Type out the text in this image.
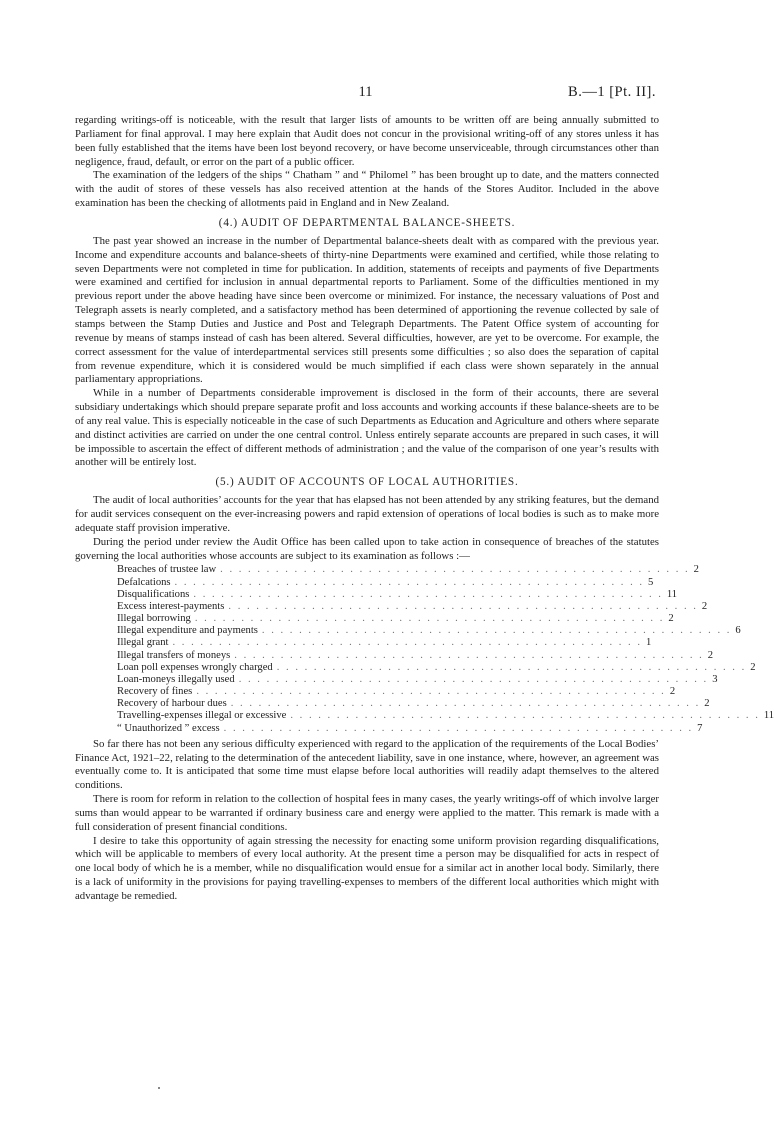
11	B.—1 [Pt. II].

regarding writings-off is noticeable, with the result that larger lists of amounts to be written off are being annually submitted to Parliament for final approval. I may here explain that Audit does not concur in the provisional writing-off of any stores unless it has been fully established that the items have been lost beyond recovery, or have become unserviceable, through circumstances other than negligence, fraud, default, or error on the part of a public officer.

The examination of the ledgers of the ships “ Chatham ” and “ Philomel ” has been brought up to date, and the matters connected with the audit of stores of these vessels has also received attention at the hands of the Stores Auditor. Included in the above examination has been the checking of allotments paid in England and in New Zealand.

(4.) AUDIT OF DEPARTMENTAL BALANCE-SHEETS.

The past year showed an increase in the number of Departmental balance-sheets dealt with as compared with the previous year. Income and expenditure accounts and balance-sheets of thirty-nine Departments were examined and certified, while those relating to seven Departments were not completed in time for publication. In addition, statements of receipts and payments of five Departments were examined and certified for inclusion in annual departmental reports to Parliament. Some of the difficulties mentioned in my previous report under the above heading have since been overcome or minimized. For instance, the necessary valuations of Post and Telegraph assets is nearly completed, and a satisfactory method has been determined of apportioning the revenue collected by sale of stamps between the Stamp Duties and Justice and Post and Telegraph Departments. The Patent Office system of accounting for revenue by means of stamps instead of cash has been altered. Several difficulties, however, are yet to be overcome. For example, the correct assessment for the value of interdepartmental services still presents some difficulties ; so also does the separation of capital from revenue expenditure, which it is considered would be much simplified if each class were shown separately in the annual parliamentary appropriations.

While in a number of Departments considerable improvement is disclosed in the form of their accounts, there are several subsidiary undertakings which should prepare separate profit and loss accounts and working accounts if these balance-sheets are to be of any real value. This is especially noticeable in the case of such Departments as Education and Agriculture and others where separate and distinct activities are carried on under the one central control. Unless entirely separate accounts are prepared in such cases, it will be impossible to ascertain the effect of different methods of administration ; and the value of the comparison of one year’s results with another will be entirely lost.

(5.) AUDIT OF ACCOUNTS OF LOCAL AUTHORITIES.

The audit of local authorities’ accounts for the year that has elapsed has not been attended by any striking features, but the demand for audit services consequent on the ever-increasing powers and rapid extension of operations of local bodies is such as to make more adequate staff provision imperative.

During the period under review the Audit Office has been called upon to take action in consequence of breaches of the statutes governing the local authorities whose accounts are subject to its examination as follows :—

Breaches of trustee law . . . . . . . . . . . . . . . . . . . . . . . . . . . . . . . . . . . . . . . . . . . . . . . . . . . 2
Defalcations . . . . . . . . . . . . . . . . . . . . . . . . . . . . . . . . . . . . . . . . . . . . . . . . . . . 5
Disqualifications . . . . . . . . . . . . . . . . . . . . . . . . . . . . . . . . . . . . . . . . . . . . . . . . . . . 11
Excess interest-payments . . . . . . . . . . . . . . . . . . . . . . . . . . . . . . . . . . . . . . . . . . . . . . . . . . . 2
Illegal borrowing . . . . . . . . . . . . . . . . . . . . . . . . . . . . . . . . . . . . . . . . . . . . . . . . . . . 2
Illegal expenditure and payments . . . . . . . . . . . . . . . . . . . . . . . . . . . . . . . . . . . . . . . . . . . . . . . . . . . 6
Illegal grant . . . . . . . . . . . . . . . . . . . . . . . . . . . . . . . . . . . . . . . . . . . . . . . . . . . 1
Illegal transfers of moneys . . . . . . . . . . . . . . . . . . . . . . . . . . . . . . . . . . . . . . . . . . . . . . . . . . . 2
Loan poll expenses wrongly charged . . . . . . . . . . . . . . . . . . . . . . . . . . . . . . . . . . . . . . . . . . . . . . . . . . . 2
Loan-moneys illegally used . . . . . . . . . . . . . . . . . . . . . . . . . . . . . . . . . . . . . . . . . . . . . . . . . . . 3
Recovery of fines . . . . . . . . . . . . . . . . . . . . . . . . . . . . . . . . . . . . . . . . . . . . . . . . . . . 2
Recovery of harbour dues . . . . . . . . . . . . . . . . . . . . . . . . . . . . . . . . . . . . . . . . . . . . . . . . . . . 2
Travelling-expenses illegal or excessive . . . . . . . . . . . . . . . . . . . . . . . . . . . . . . . . . . . . . . . . . . . . . . . . . . . 11
“ Unauthorized ” excess . . . . . . . . . . . . . . . . . . . . . . . . . . . . . . . . . . . . . . . . . . . . . . . . . . . 7

So far there has not been any serious difficulty experienced with regard to the application of the requirements of the Local Bodies’ Finance Act, 1921–22, relating to the determination of the antecedent liability, save in one instance, where, however, an agreement was eventually come to. It is anticipated that some time must elapse before local authorities will readily adapt themselves to the altered conditions.

There is room for reform in relation to the collection of hospital fees in many cases, the yearly writings-off of which involve larger sums than would appear to be warranted if ordinary business care and energy were applied to the matter. This remark is made with a full consideration of present financial conditions.

I desire to take this opportunity of again stressing the necessity for enacting some uniform provision regarding disqualifications, which will be applicable to members of every local authority. At the present time a person may be disqualified for acts in respect of one local body of which he is a member, while no disqualification would ensue for a similar act in another local body. Similarly, there is a lack of uniformity in the provisions for paying travelling-expenses to members of the different local authorities which might with advantage be remedied.
